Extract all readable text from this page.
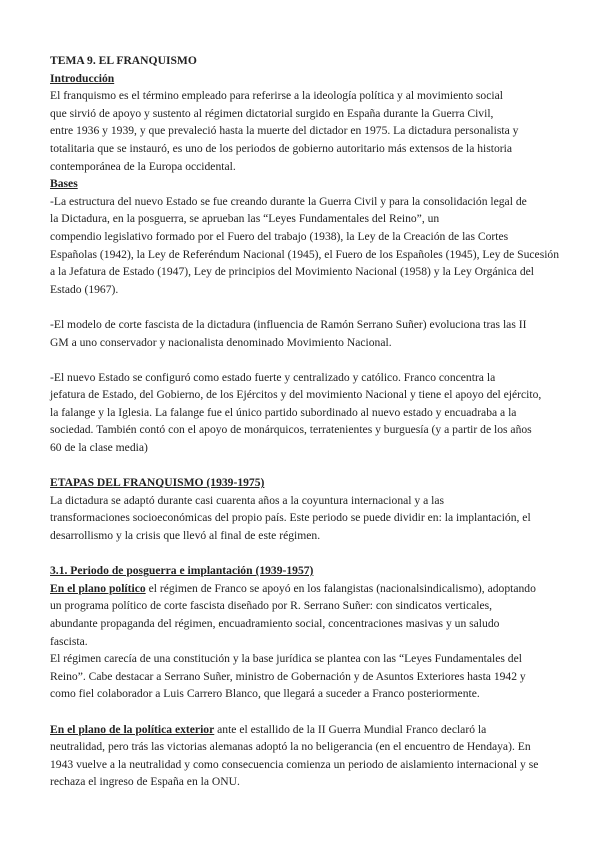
TEMA 9. EL FRANQUISMO
Introducción
El franquismo es el término empleado para referirse a la ideología política y al movimiento social
que sirvió de apoyo y sustento al régimen dictatorial surgido en España durante la Guerra Civil,
entre 1936 y 1939, y que prevaleció hasta la muerte del dictador en 1975. La dictadura personalista y
totalitaria que se instauró, es uno de los periodos de gobierno autoritario más extensos de la historia
contemporánea de la Europa occidental.
Bases
-La estructura del nuevo Estado se fue creando durante la Guerra Civil y para la consolidación legal de
la Dictadura, en la posguerra, se aprueban las “Leyes Fundamentales del Reino”, un
compendio legislativo formado por el Fuero del trabajo (1938), la Ley de la Creación de las Cortes
Españolas (1942), la Ley de Referéndum Nacional (1945), el Fuero de los Españoles (1945), Ley de Sucesión
a la Jefatura de Estado (1947), Ley de principios del Movimiento Nacional (1958) y la Ley Orgánica del
Estado (1967).
-El modelo de corte fascista de la dictadura (influencia de Ramón Serrano Suñer) evoluciona tras las II
GM a uno conservador y nacionalista denominado Movimiento Nacional.
-El nuevo Estado se configuró como estado fuerte y centralizado y católico. Franco concentra la
jefatura de Estado, del Gobierno, de los Ejércitos y del movimiento Nacional y tiene el apoyo del ejército,
la falange y la Iglesia. La falange fue el único partido subordinado al nuevo estado y encuadraba a la
sociedad. También contó con el apoyo de monárquicos, terratenientes y burguesía (y a partir de los años
60 de la clase media)
ETAPAS DEL FRANQUISMO (1939-1975)
La dictadura se adaptó durante casi cuarenta años a la coyuntura internacional y a las
transformaciones socioeconómicas del propio país. Este periodo se puede dividir en: la implantación, el
desarrollismo y la crisis que llevó al final de este régimen.
3.1. Periodo de posguerra e implantación (1939-1957)
En el plano político el régimen de Franco se apoyó en los falangistas (nacionalsindicalismo), adoptando
un programa político de corte fascista diseñado por R. Serrano Suñer: con sindicatos verticales,
abundante propaganda del régimen, encuadramiento social, concentraciones masivas y un saludo
fascista.
El régimen carecía de una constitución y la base jurídica se plantea con las “Leyes Fundamentales del
Reino”. Cabe destacar a Serrano Suñer, ministro de Gobernación y de Asuntos Exteriores hasta 1942 y
como fiel colaborador a Luis Carrero Blanco, que llegará a suceder a Franco posteriormente.
En el plano de la política exterior ante el estallido de la II Guerra Mundial Franco declaró la
neutralidad, pero trás las victorias alemanas adoptó la no beligerancia (en el encuentro de Hendaya). En
1943 vuelve a la neutralidad y como consecuencia comienza un periodo de aislamiento internacional y se
rechaza el ingreso de España en la ONU.
